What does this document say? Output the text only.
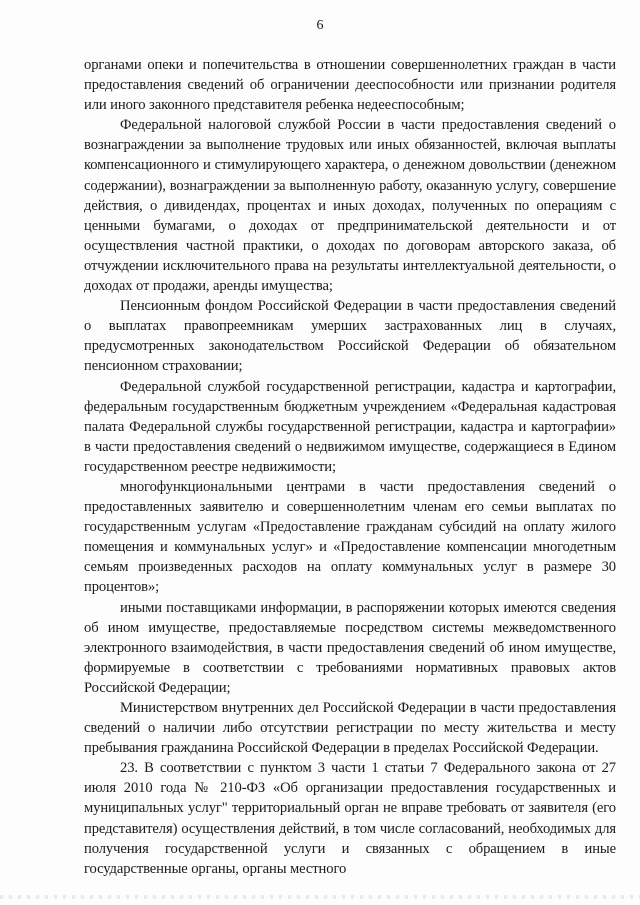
6

органами опеки и попечительства в отношении совершеннолетних граждан в части предоставления сведений об ограничении дееспособности или признании родителя или иного законного представителя ребенка недееспособным;

Федеральной налоговой службой России в части предоставления сведений о вознаграждении за выполнение трудовых или иных обязанностей, включая выплаты компенсационного и стимулирующего характера, о денежном довольствии (денежном содержании), вознаграждении за выполненную работу, оказанную услугу, совершение действия, о дивидендах, процентах и иных доходах, полученных по операциям с ценными бумагами, о доходах от предпринимательской деятельности и от осуществления частной практики, о доходах по договорам авторского заказа, об отчуждении исключительного права на результаты интеллектуальной деятельности, о доходах от продажи, аренды имущества;

Пенсионным фондом Российской Федерации в части предоставления сведений о выплатах правопреемникам умерших застрахованных лиц в случаях, предусмотренных законодательством Российской Федерации об обязательном пенсионном страховании;

Федеральной службой государственной регистрации, кадастра и картографии, федеральным государственным бюджетным учреждением «Федеральная кадастровая палата Федеральной службы государственной регистрации, кадастра и картографии» в части предоставления сведений о недвижимом имуществе, содержащиеся в Едином государственном реестре недвижимости;

многофункциональными центрами в части предоставления сведений о предоставленных заявителю и совершеннолетним членам его семьи выплатах по государственным услугам «Предоставление гражданам субсидий на оплату жилого помещения и коммунальных услуг» и «Предоставление компенсации многодетным семьям произведенных расходов на оплату коммунальных услуг в размере 30 процентов»;

иными поставщиками информации, в распоряжении которых имеются сведения об ином имуществе, предоставляемые посредством системы межведомственного электронного взаимодействия, в части предоставления сведений об ином имуществе, формируемые в соответствии с требованиями нормативных правовых актов Российской Федерации;

Министерством внутренних дел Российской Федерации в части предоставления сведений о наличии либо отсутствии регистрации по месту жительства и месту пребывания гражданина Российской Федерации в пределах Российской Федерации.

23. В соответствии с пунктом 3 части 1 статьи 7 Федерального закона от 27 июля 2010 года № 210-ФЗ «Об организации предоставления государственных и муниципальных услуг" территориальный орган не вправе требовать от заявителя (его представителя) осуществления действий, в том числе согласований, необходимых для получения государственной услуги и связанных с обращением в иные государственные органы, органы местного
